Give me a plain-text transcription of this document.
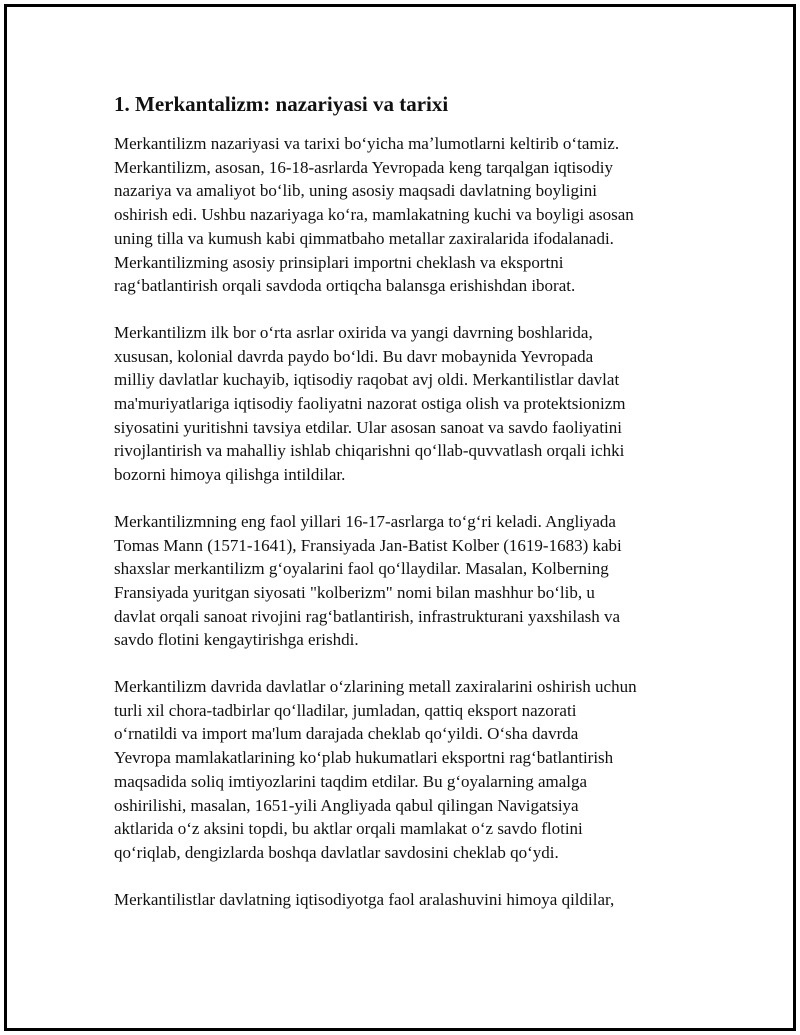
1. Merkantalizm: nazariyasi va tarixi

Merkantilizm nazariyasi va tarixi boʻyicha maʼlumotlarni keltirib oʻtamiz.
Merkantilizm, asosan, 16-18-asrlarda Yevropada keng tarqalgan iqtisodiy
nazariya va amaliyot boʻlib, uning asosiy maqsadi davlatning boyligini
oshirish edi. Ushbu nazariyaga koʻra, mamlakatning kuchi va boyligi asosan
uning tilla va kumush kabi qimmatbaho metallar zaxiralarida ifodalanadi.
Merkantilizming asosiy prinsiplari importni cheklash va eksportni
ragʻbatlantirish orqali savdoda ortiqcha balansga erishishdan iborat.

Merkantilizm ilk bor oʻrta asrlar oxirida va yangi davrning boshlarida,
xususan, kolonial davrda paydo boʻldi. Bu davr mobaynida Yevropada
milliy davlatlar kuchayib, iqtisodiy raqobat avj oldi. Merkantilistlar davlat
ma'muriyatlariga iqtisodiy faoliyatni nazorat ostiga olish va protektsionizm
siyosatini yuritishni tavsiya etdilar. Ular asosan sanoat va savdo faoliyatini
rivojlantirish va mahalliy ishlab chiqarishni qoʻllab-quvvatlash orqali ichki
bozorni himoya qilishga intildilar.

Merkantilizmning eng faol yillari 16-17-asrlarga toʻgʻri keladi. Angliyada
Tomas Mann (1571-1641), Fransiyada Jan-Batist Kolber (1619-1683) kabi
shaxslar merkantilizm gʻoyalarini faol qoʻllaydilar. Masalan, Kolberning
Fransiyada yuritgan siyosati "kolberizm" nomi bilan mashhur boʻlib, u
davlat orqali sanoat rivojini ragʻbatlantirish, infrastrukturani yaxshilash va
savdo flotini kengaytirishga erishdi.

Merkantilizm davrida davlatlar oʻzlarining metall zaxiralarini oshirish uchun
turli xil chora-tadbirlar qoʻlladilar, jumladan, qattiq eksport nazorati
oʻrnatildi va import ma'lum darajada cheklab qoʻyildi. Oʻsha davrda
Yevropa mamlakatlarining koʻplab hukumatlari eksportni ragʻbatlantirish
maqsadida soliq imtiyozlarini taqdim etdilar. Bu gʻoyalarning amalga
oshirilishi, masalan, 1651-yili Angliyada qabul qilingan Navigatsiya
aktlarida oʻz aksini topdi, bu aktlar orqali mamlakat oʻz savdo flotini
qoʻriqlab, dengizlarda boshqa davlatlar savdosini cheklab qoʻydi.

Merkantilistlar davlatning iqtisodiyotga faol aralashuvini himoya qildilar,
